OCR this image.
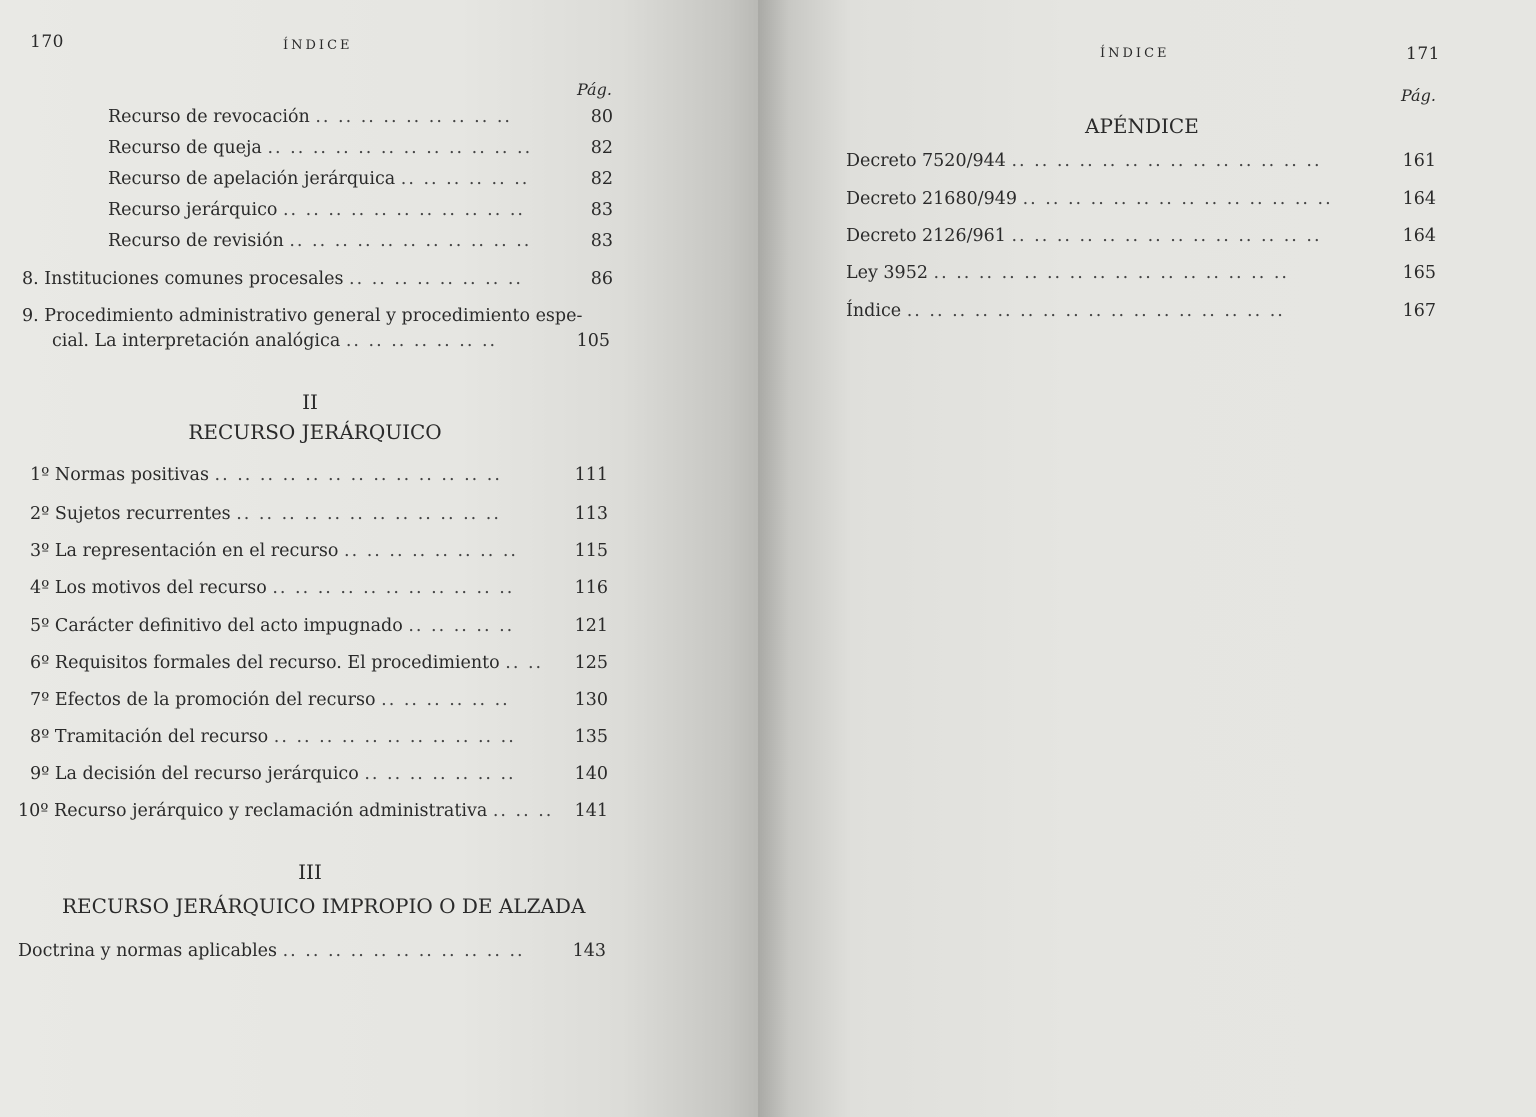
170	ÍNDICE
Pág.
Recurso de revocación .. .. .. .. .. .. .. .. ..	80
Recurso de queja .. .. .. .. .. .. .. .. .. .. .. ..	82
Recurso de apelación jerárquica .. .. .. .. .. ..	82
Recurso jerárquico .. .. .. .. .. .. .. .. .. .. ..	83
Recurso de revisión .. .. .. .. .. .. .. .. .. .. ..	83
8. Instituciones comunes procesales .. .. .. .. .. .. .. ..	86
9. Procedimiento administrativo general y procedimiento espe-
cial. La interpretación analógica .. .. .. .. .. .. ..	105
II
RECURSO JERÁRQUICO
1º Normas positivas .. .. .. .. .. .. .. .. .. .. .. .. ..	111
2º Sujetos recurrentes .. .. .. .. .. .. .. .. .. .. .. ..	113
3º La representación en el recurso .. .. .. .. .. .. .. ..	115
4º Los motivos del recurso .. .. .. .. .. .. .. .. .. .. ..	116
5º Carácter definitivo del acto impugnado .. .. .. .. ..	121
6º Requisitos formales del recurso. El procedimiento .. .. 125
7º Efectos de la promoción del recurso .. .. .. .. .. ..	130
8º Tramitación del recurso .. .. .. .. .. .. .. .. .. .. ..	135
9º La decisión del recurso jerárquico .. .. .. .. .. .. ..	140
10º Recurso jerárquico y reclamación administrativa .. .. .. 141
III
RECURSO JERÁRQUICO IMPROPIO O DE ALZADA
Doctrina y normas aplicables .. .. .. .. .. .. .. .. .. .. ..	143
ÍNDICE	171
Pág.
APÉNDICE
Decreto 7520/944 .. .. .. .. .. .. .. .. .. .. .. .. .. ..	161
Decreto 21680/949 .. .. .. .. .. .. .. .. .. .. .. .. .. ..	164
Decreto 2126/961 .. .. .. .. .. .. .. .. .. .. .. .. .. ..	164
Ley 3952 .. .. .. .. .. .. .. .. .. .. .. .. .. .. .. ..	165
Índice .. .. .. .. .. .. .. .. .. .. .. .. .. .. .. .. ..	167
